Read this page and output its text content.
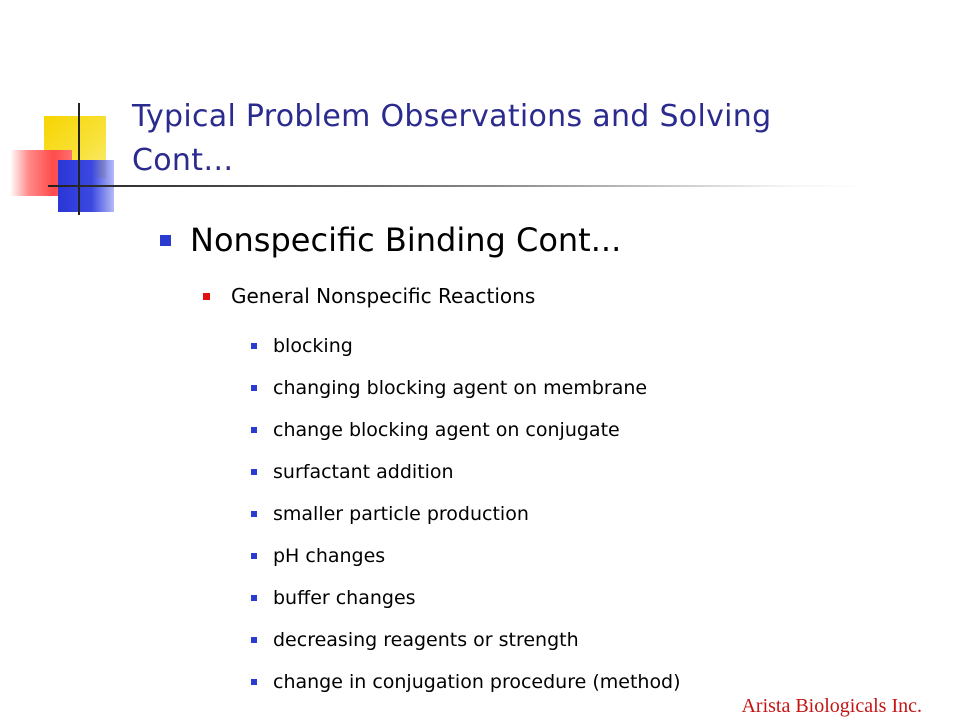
Typical Problem Observations and Solving Cont…
Nonspecific Binding Cont...
General Nonspecific Reactions
blocking
changing blocking agent on membrane
change blocking agent on conjugate
surfactant addition
smaller particle production
pH changes
buffer changes
decreasing reagents or strength
change in conjugation procedure (method)
Arista Biologicals Inc.
